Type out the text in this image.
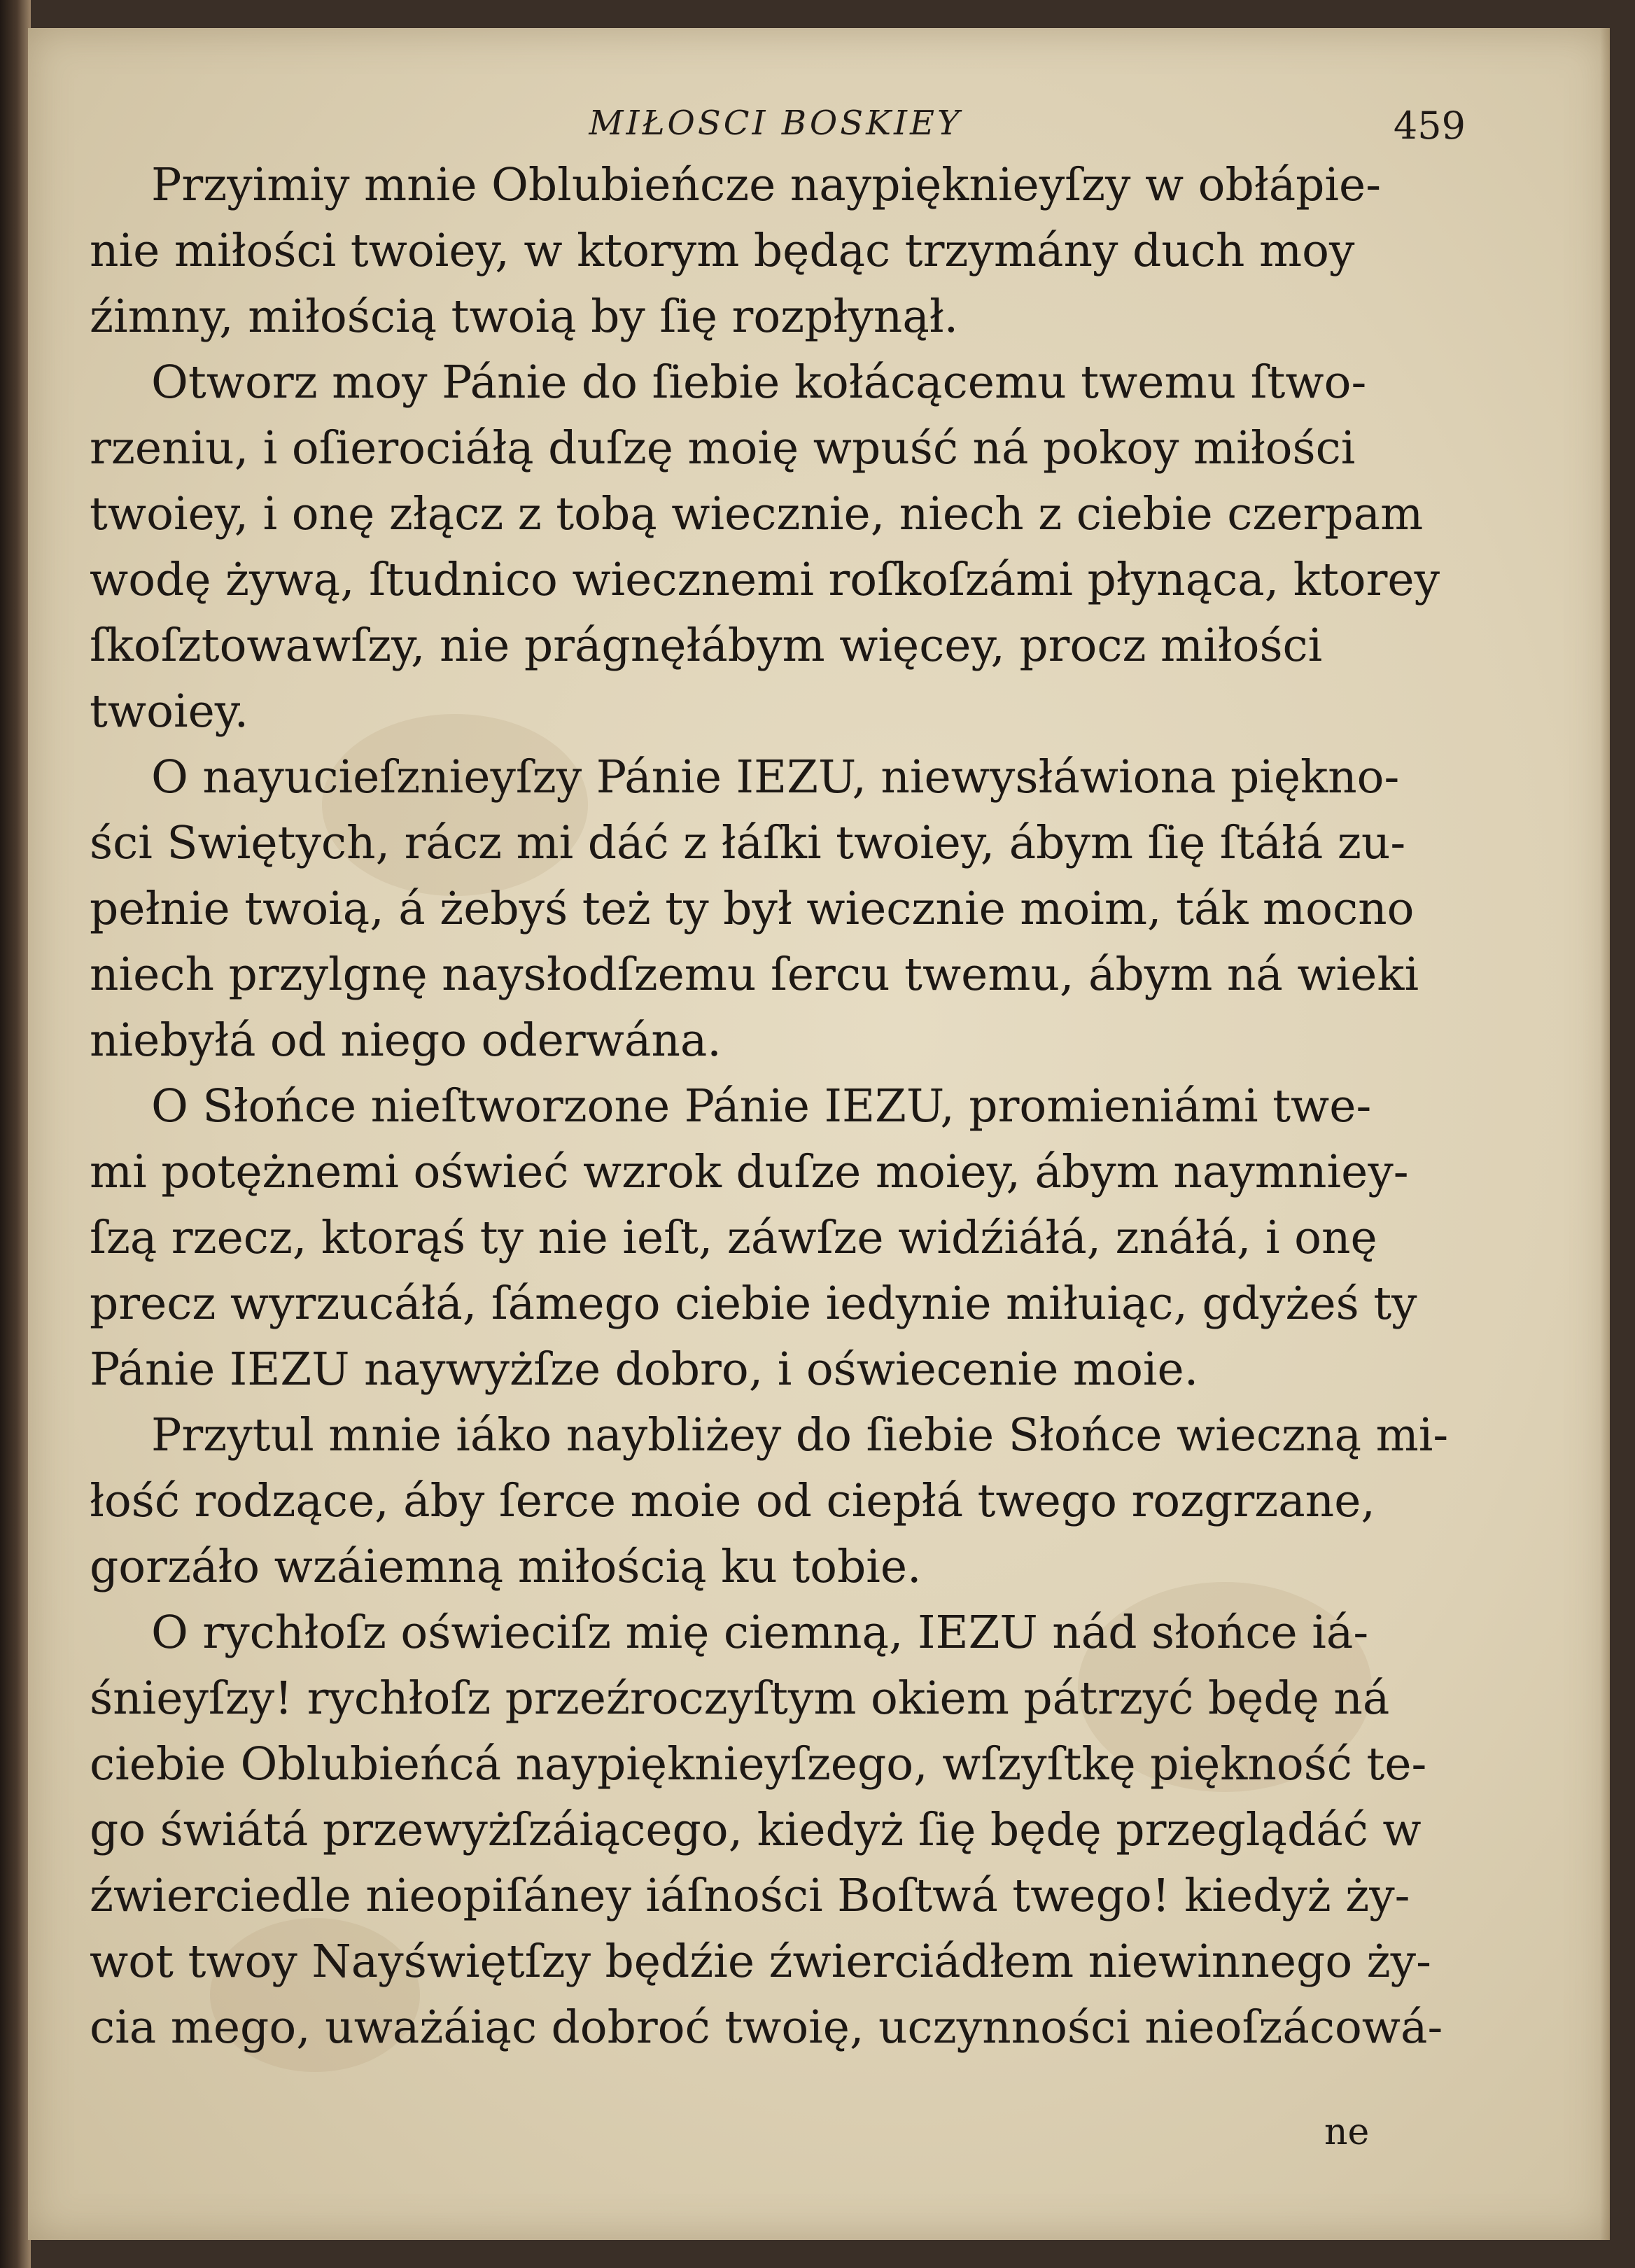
MIŁOSCI BOSKIEY	459
Przyimiy mnie Oblubieńcze naypięknieyſzy w obłápie-
nie miłości twoiey, w ktorym będąc trzymány duch moy
źimny, miłością twoią by ſię rozpłynął.
Otworz moy Pánie do ſiebie kołácącemu twemu ſtwo-
rzeniu, i oſierociáłą duſzę moię wpuść ná pokoy miłości
twoiey, i onę złącz z tobą wiecznie, niech z ciebie czerpam
wodę żywą, ſtudnico wiecznemi roſkoſzámi płynąca, ktorey
ſkoſztowawſzy, nie prágnęłábym więcey, procz miłości
twoiey.
O nayucieſznieyſzy Pánie IEZU, niewysłáwiona piękno-
ści Swiętych, rácz mi dáć z łáſki twoiey, ábym ſię ſtáłá zu-
pełnie twoią, á żebyś też ty był wiecznie moim, ták mocno
niech przylgnę naysłodſzemu ſercu twemu, ábym ná wieki
niebyłá od niego oderwána.
O Słońce nieſtworzone Pánie IEZU, promieniámi twe-
mi potężnemi oświeć wzrok duſze moiey, ábym naymniey-
ſzą rzecz, ktorąś ty nie ieſt, záwſze widźiáłá, znáłá, i onę
precz wyrzucáłá, ſámego ciebie iedynie miłuiąc, gdyżeś ty
Pánie IEZU naywyżſze dobro, i oświecenie moie.
Przytul mnie iáko naybliżey do ſiebie Słońce wieczną mi-
łość rodzące, áby ſerce moie od ciepłá twego rozgrzane,
gorzáło wzáiemną miłością ku tobie.
O rychłoſz oświeciſz mię ciemną, IEZU nád słońce iá-
śnieyſzy! rychłoſz przeźroczyſtym okiem pátrzyć będę ná
ciebie Oblubieńcá naypięknieyſzego, wſzyſtkę piękność te-
go świátá przewyżſzáiącego, kiedyż ſię będę przeglądáć w
źwierciedle nieopiſáney iáſności Boſtwá twego! kiedyż ży-
wot twoy Nayświętſzy będźie źwierciádłem niewinnego ży-
cia mego, uważáiąc dobroć twoię, uczynności nieoſzácowá-
ne
